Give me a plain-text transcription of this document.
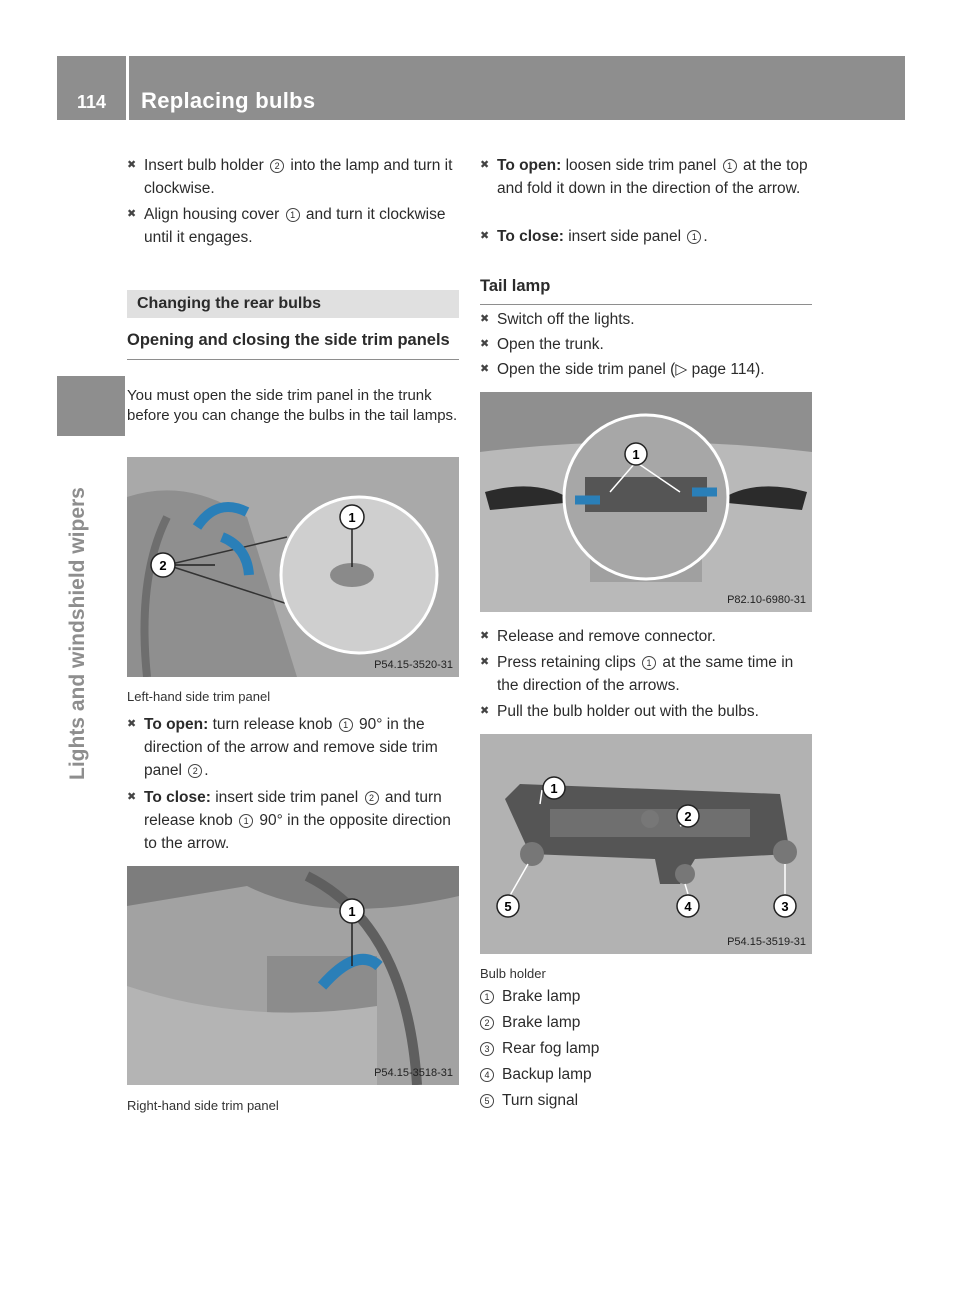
114	Replacing bulbs
Lights and windshield wipers
✖ Insert bulb holder 2 into the lamp and turn it clockwise.
✖ Align housing cover 1 and turn it clockwise until it engages.
Changing the rear bulbs
Opening and closing the side trim panels
You must open the side trim panel in the trunk before you can change the bulbs in the tail lamps.
1
2
P54.15-3520-31
Left-hand side trim panel
✖ To open: turn release knob 1 90° in the direction of the arrow and remove side trim panel 2 .
✖ To close: insert side trim panel 2 and turn release knob 1 90° in the opposite direction to the arrow.
1
P54.15-3518-31
Right-hand side trim panel
✖ To open: loosen side trim panel 1 at the top and fold it down in the direction of the arrow.
✖ To close: insert side panel 1 .
Tail lamp
✖ Switch off the lights.
✖ Open the trunk.
✖ Open the side trim panel (▷ page 114).
1
P82.10-6980-31
✖ Release and remove connector.
✖ Press retaining clips 1 at the same time in the direction of the arrows.
✖ Pull the bulb holder out with the bulbs.
1
2
3
4
5
P54.15-3519-31
Bulb holder
1 Brake lamp
2 Brake lamp
3 Rear fog lamp
4 Backup lamp
5 Turn signal
